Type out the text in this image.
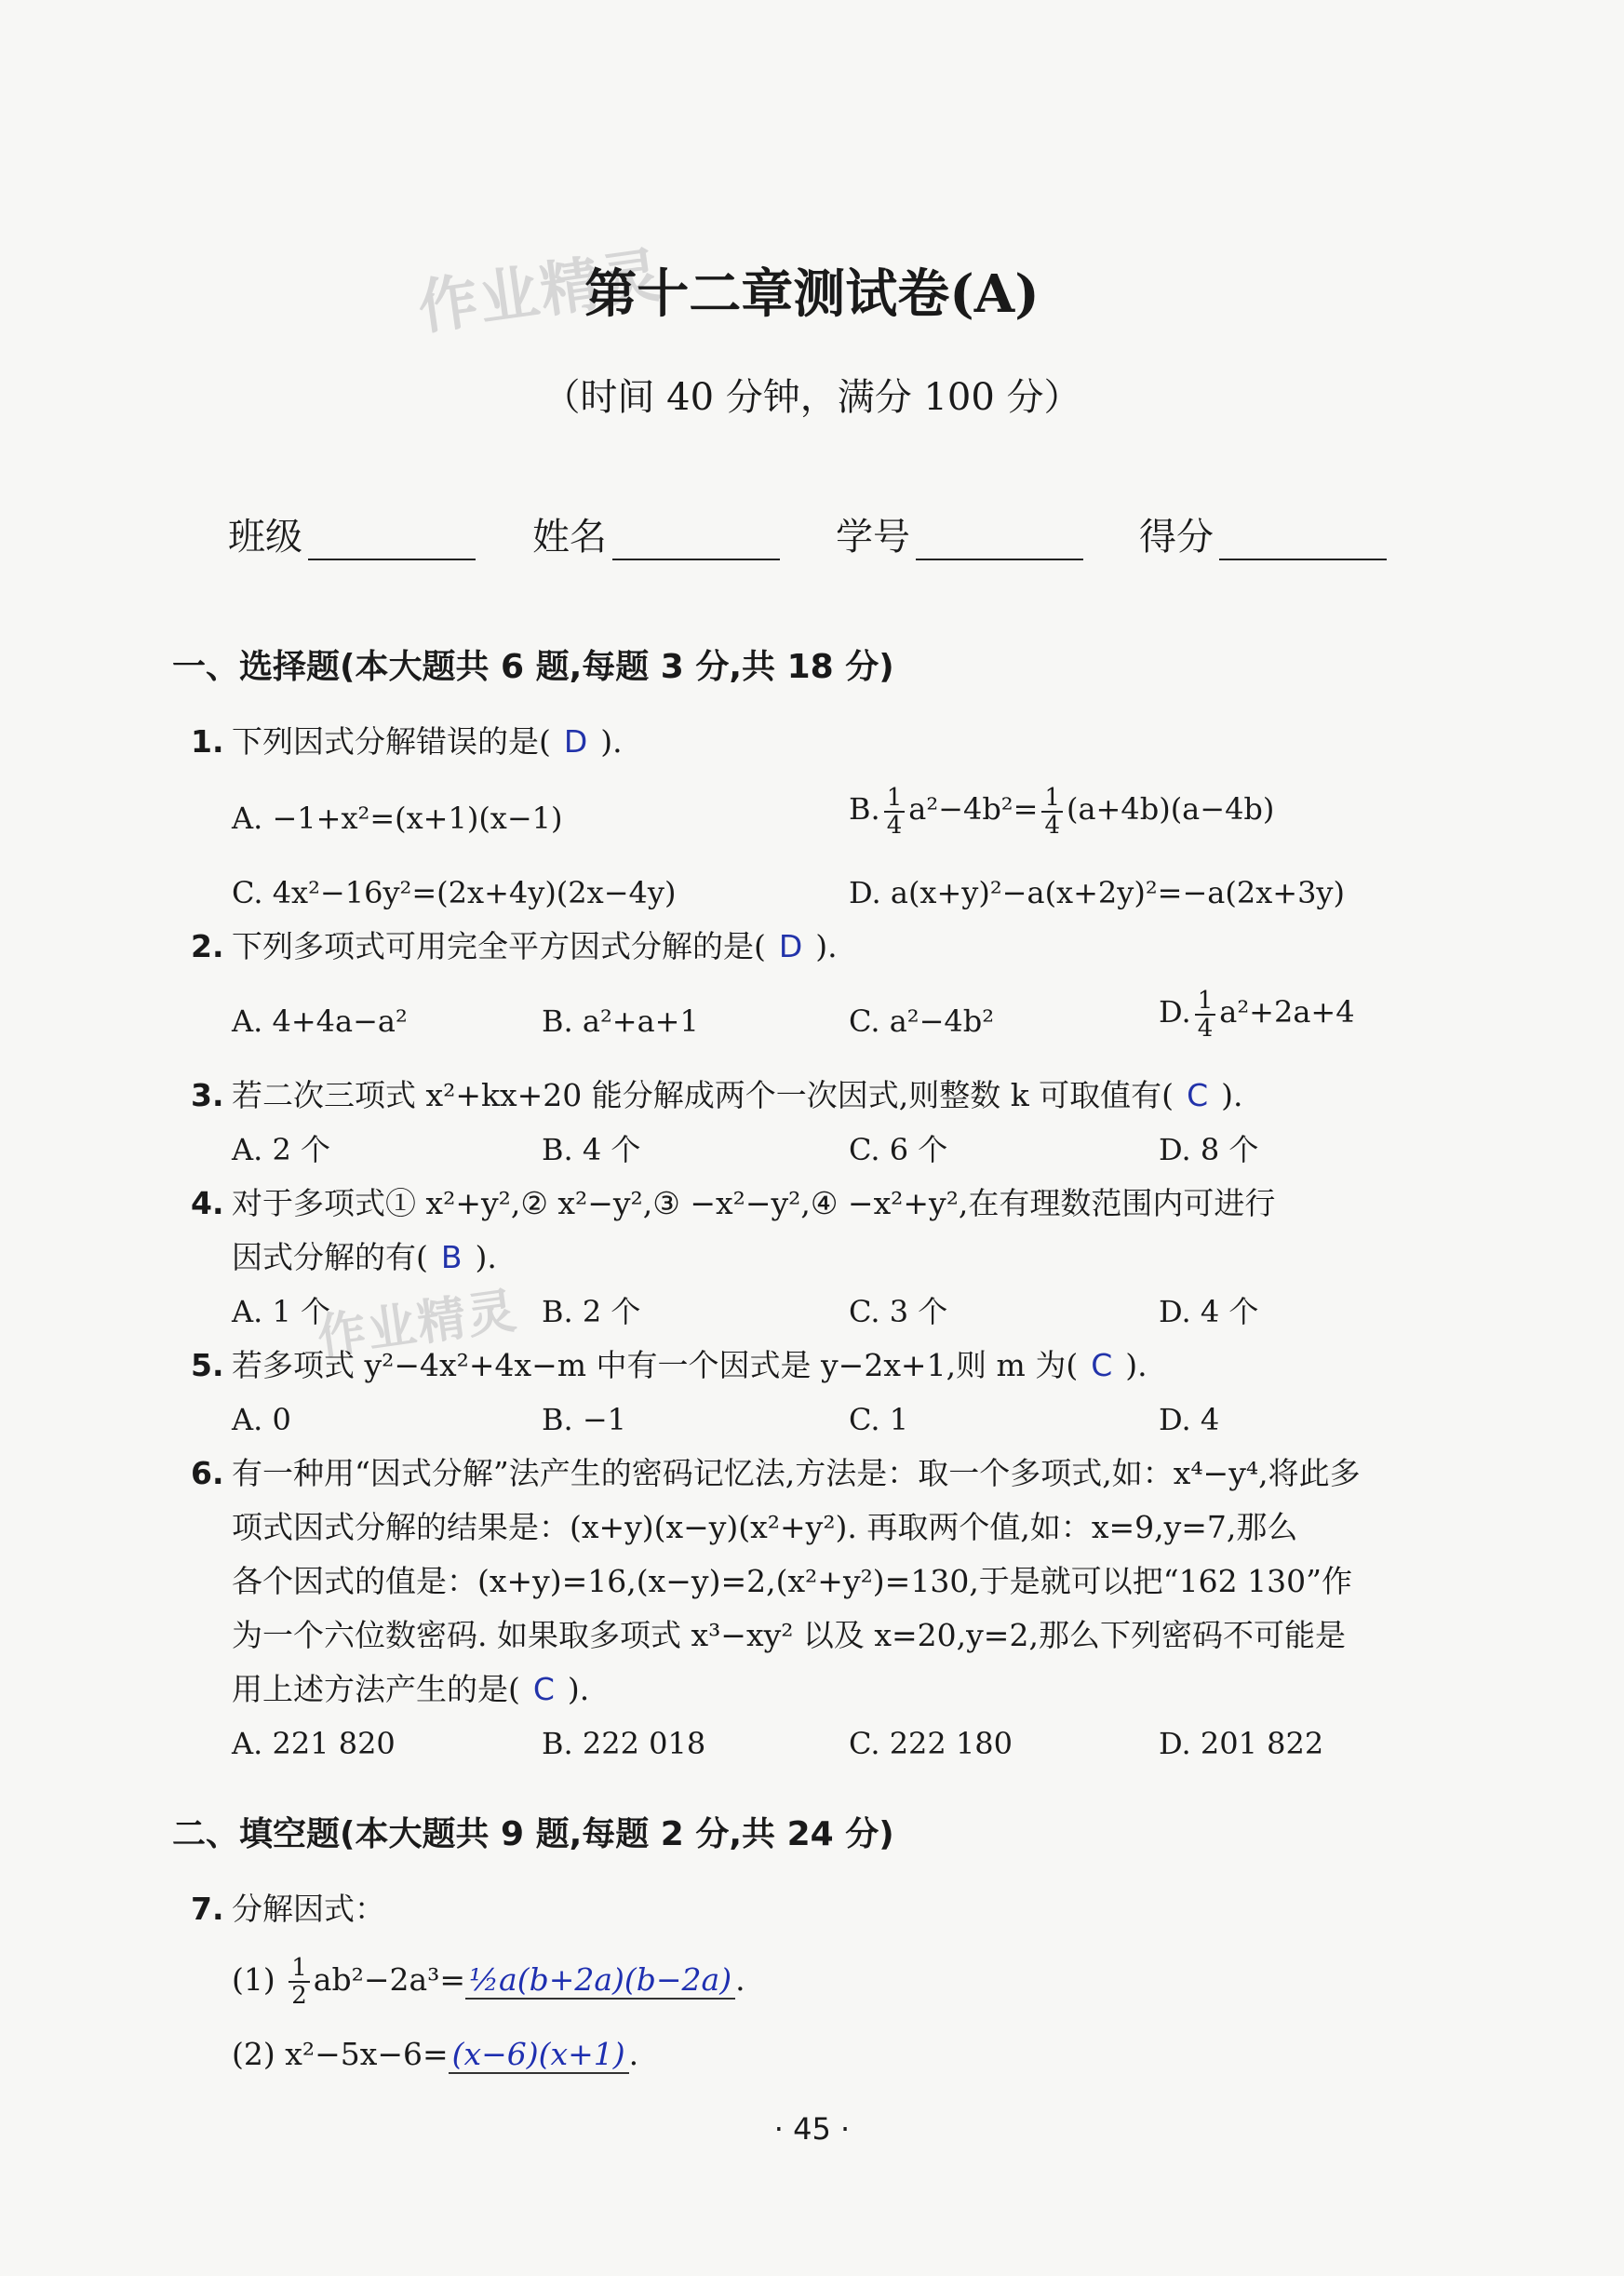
作业精灵
作业精灵
第十二章测试卷(A)
（时间 40 分钟，满分 100 分）
班级	姓名	学号	得分
一、选择题(本大题共 6 题,每题 3 分,共 18 分)
1. 下列因式分解错误的是( D ).
A. −1+x²=(x+1)(x−1)	B. $\frac{1}{4} a^2-4b^2= \frac{1}{4} (a+4b)(a-4b)$
C. 4x²−16y²=(2x+4y)(2x−4y)	D. a(x+y)²−a(x+2y)²=−a(2x+3y)
2. 下列多项式可用完全平方因式分解的是( D ).
A. 4+4a−a²	B. a²+a+1	C. a²−4b²	D. $\frac{1}{4} a^2+2a+4$
3. 若二次三项式 x²+kx+20 能分解成两个一次因式,则整数 k 可取值有( C ).
A. 2 个	B. 4 个	C. 6 个	D. 8 个
4. 对于多项式① x²+y²,② x²−y²,③ −x²−y²,④ −x²+y²,在有理数范围内可进行
因式分解的有( B ).
A. 1 个	B. 2 个	C. 3 个	D. 4 个
5. 若多项式 y²−4x²+4x−m 中有一个因式是 y−2x+1,则 m 为( C ).
A. 0	B. −1	C. 1	D. 4
6. 有一种用“因式分解”法产生的密码记忆法,方法是：取一个多项式,如：x⁴−y⁴,将此多
项式因式分解的结果是：(x+y)(x−y)(x²+y²). 再取两个值,如：x=9,y=7,那么
各个因式的值是：(x+y)=16,(x−y)=2,(x²+y²)=130,于是就可以把“162 130”作
为一个六位数密码. 如果取多项式 x³−xy² 以及 x=20,y=2,那么下列密码不可能是
用上述方法产生的是( C ).
A. 221 820	B. 222 018	C. 222 180	D. 201 822
二、填空题(本大题共 9 题,每题 2 分,共 24 分)
7. 分解因式：
$(1) \frac{1}{2} ab^2-2a^3=$ ½a(b+2a)(b−2a) .
(2) x²−5x−6= (x−6)(x+1) .
· 45 ·
